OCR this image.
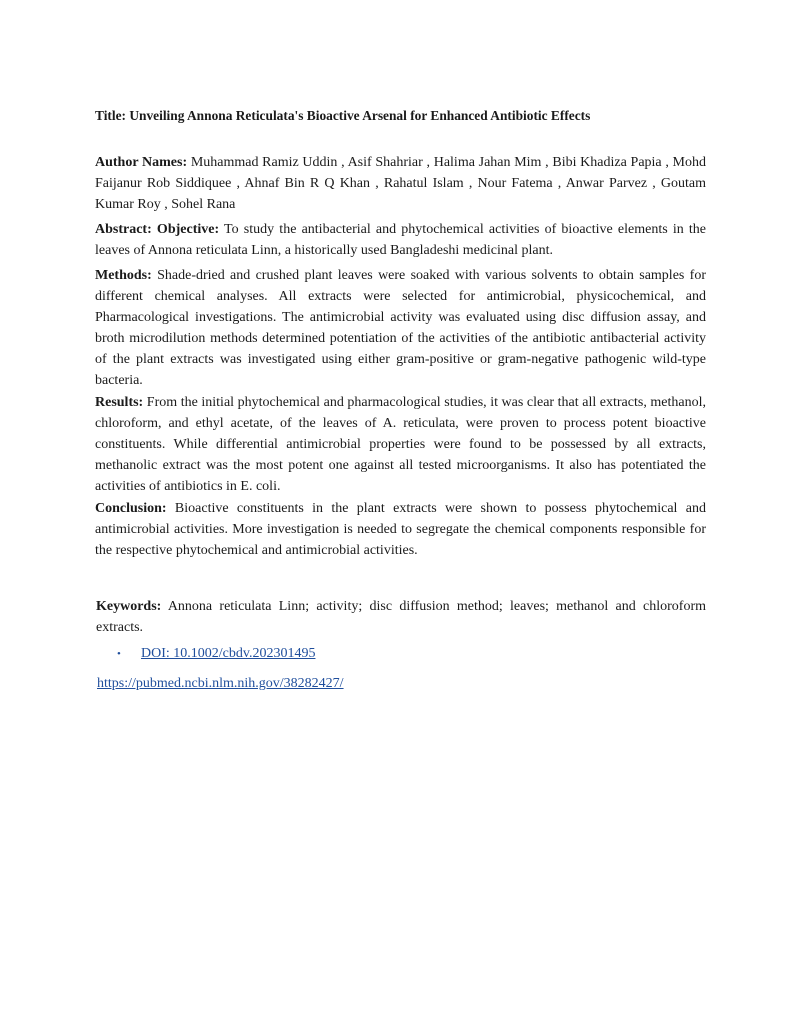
Title: Unveiling Annona Reticulata's Bioactive Arsenal for Enhanced Antibiotic Effects

Author Names: Muhammad Ramiz Uddin , Asif Shahriar , Halima Jahan Mim , Bibi Khadiza Papia , Mohd Faijanur Rob Siddiquee , Ahnaf Bin R Q Khan , Rahatul Islam , Nour Fatema , Anwar Parvez , Goutam Kumar Roy , Sohel Rana

Abstract: Objective: To study the antibacterial and phytochemical activities of bioactive elements in the leaves of Annona reticulata Linn, a historically used Bangladeshi medicinal plant.

Methods: Shade-dried and crushed plant leaves were soaked with various solvents to obtain samples for different chemical analyses. All extracts were selected for antimicrobial, physicochemical, and Pharmacological investigations. The antimicrobial activity was evaluated using disc diffusion assay, and broth microdilution methods determined potentiation of the activities of the antibiotic antibacterial activity of the plant extracts was investigated using either gram-positive or gram-negative pathogenic wild-type bacteria.

Results: From the initial phytochemical and pharmacological studies, it was clear that all extracts, methanol, chloroform, and ethyl acetate, of the leaves of A. reticulata, were proven to process potent bioactive constituents. While differential antimicrobial properties were found to be possessed by all extracts, methanolic extract was the most potent one against all tested microorganisms. It also has potentiated the activities of antibiotics in E. coli.

Conclusion: Bioactive constituents in the plant extracts were shown to possess phytochemical and antimicrobial activities. More investigation is needed to segregate the chemical components responsible for the respective phytochemical and antimicrobial activities.

Keywords: Annona reticulata Linn; activity; disc diffusion method; leaves; methanol and chloroform extracts.

• DOI: 10.1002/cbdv.202301495
https://pubmed.ncbi.nlm.nih.gov/38282427/
